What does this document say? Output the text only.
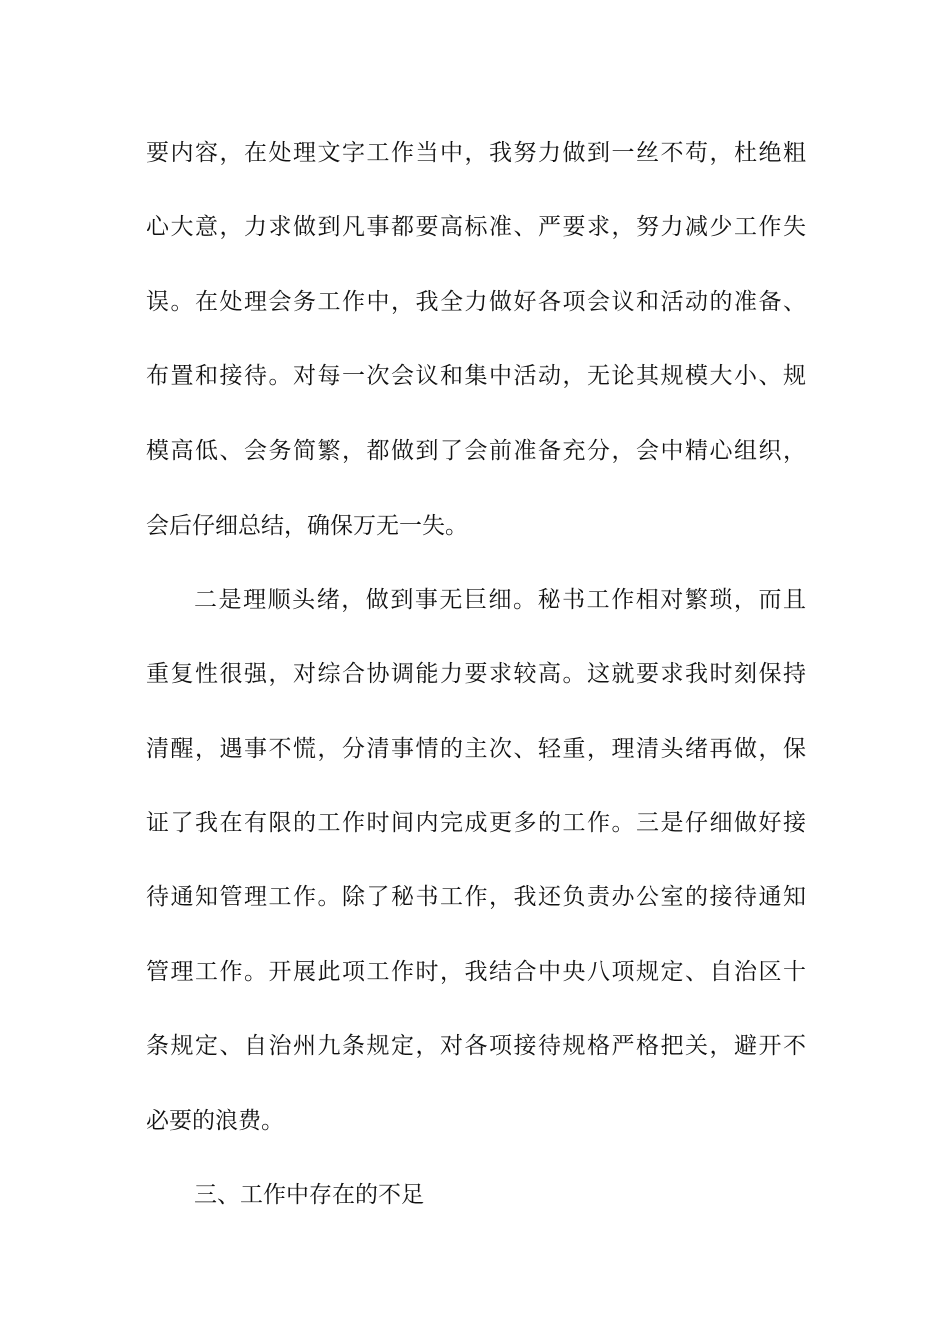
要内容，在处理文字工作当中，我努力做到一丝不苟，杜绝粗
心大意，力求做到凡事都要高标准、严要求，努力减少工作失
误。在处理会务工作中，我全力做好各项会议和活动的准备、
布置和接待。对每一次会议和集中活动，无论其规模大小、规
模高低、会务简繁，都做到了会前准备充分，会中精心组织，
会后仔细总结，确保万无一失。
二是理顺头绪，做到事无巨细。秘书工作相对繁琐，而且
重复性很强，对综合协调能力要求较高。这就要求我时刻保持
清醒，遇事不慌，分清事情的主次、轻重，理清头绪再做，保
证了我在有限的工作时间内完成更多的工作。三是仔细做好接
待通知管理工作。除了秘书工作，我还负责办公室的接待通知
管理工作。开展此项工作时，我结合中央八项规定、自治区十
条规定、自治州九条规定，对各项接待规格严格把关，避开不
必要的浪费。
三、工作中存在的不足
